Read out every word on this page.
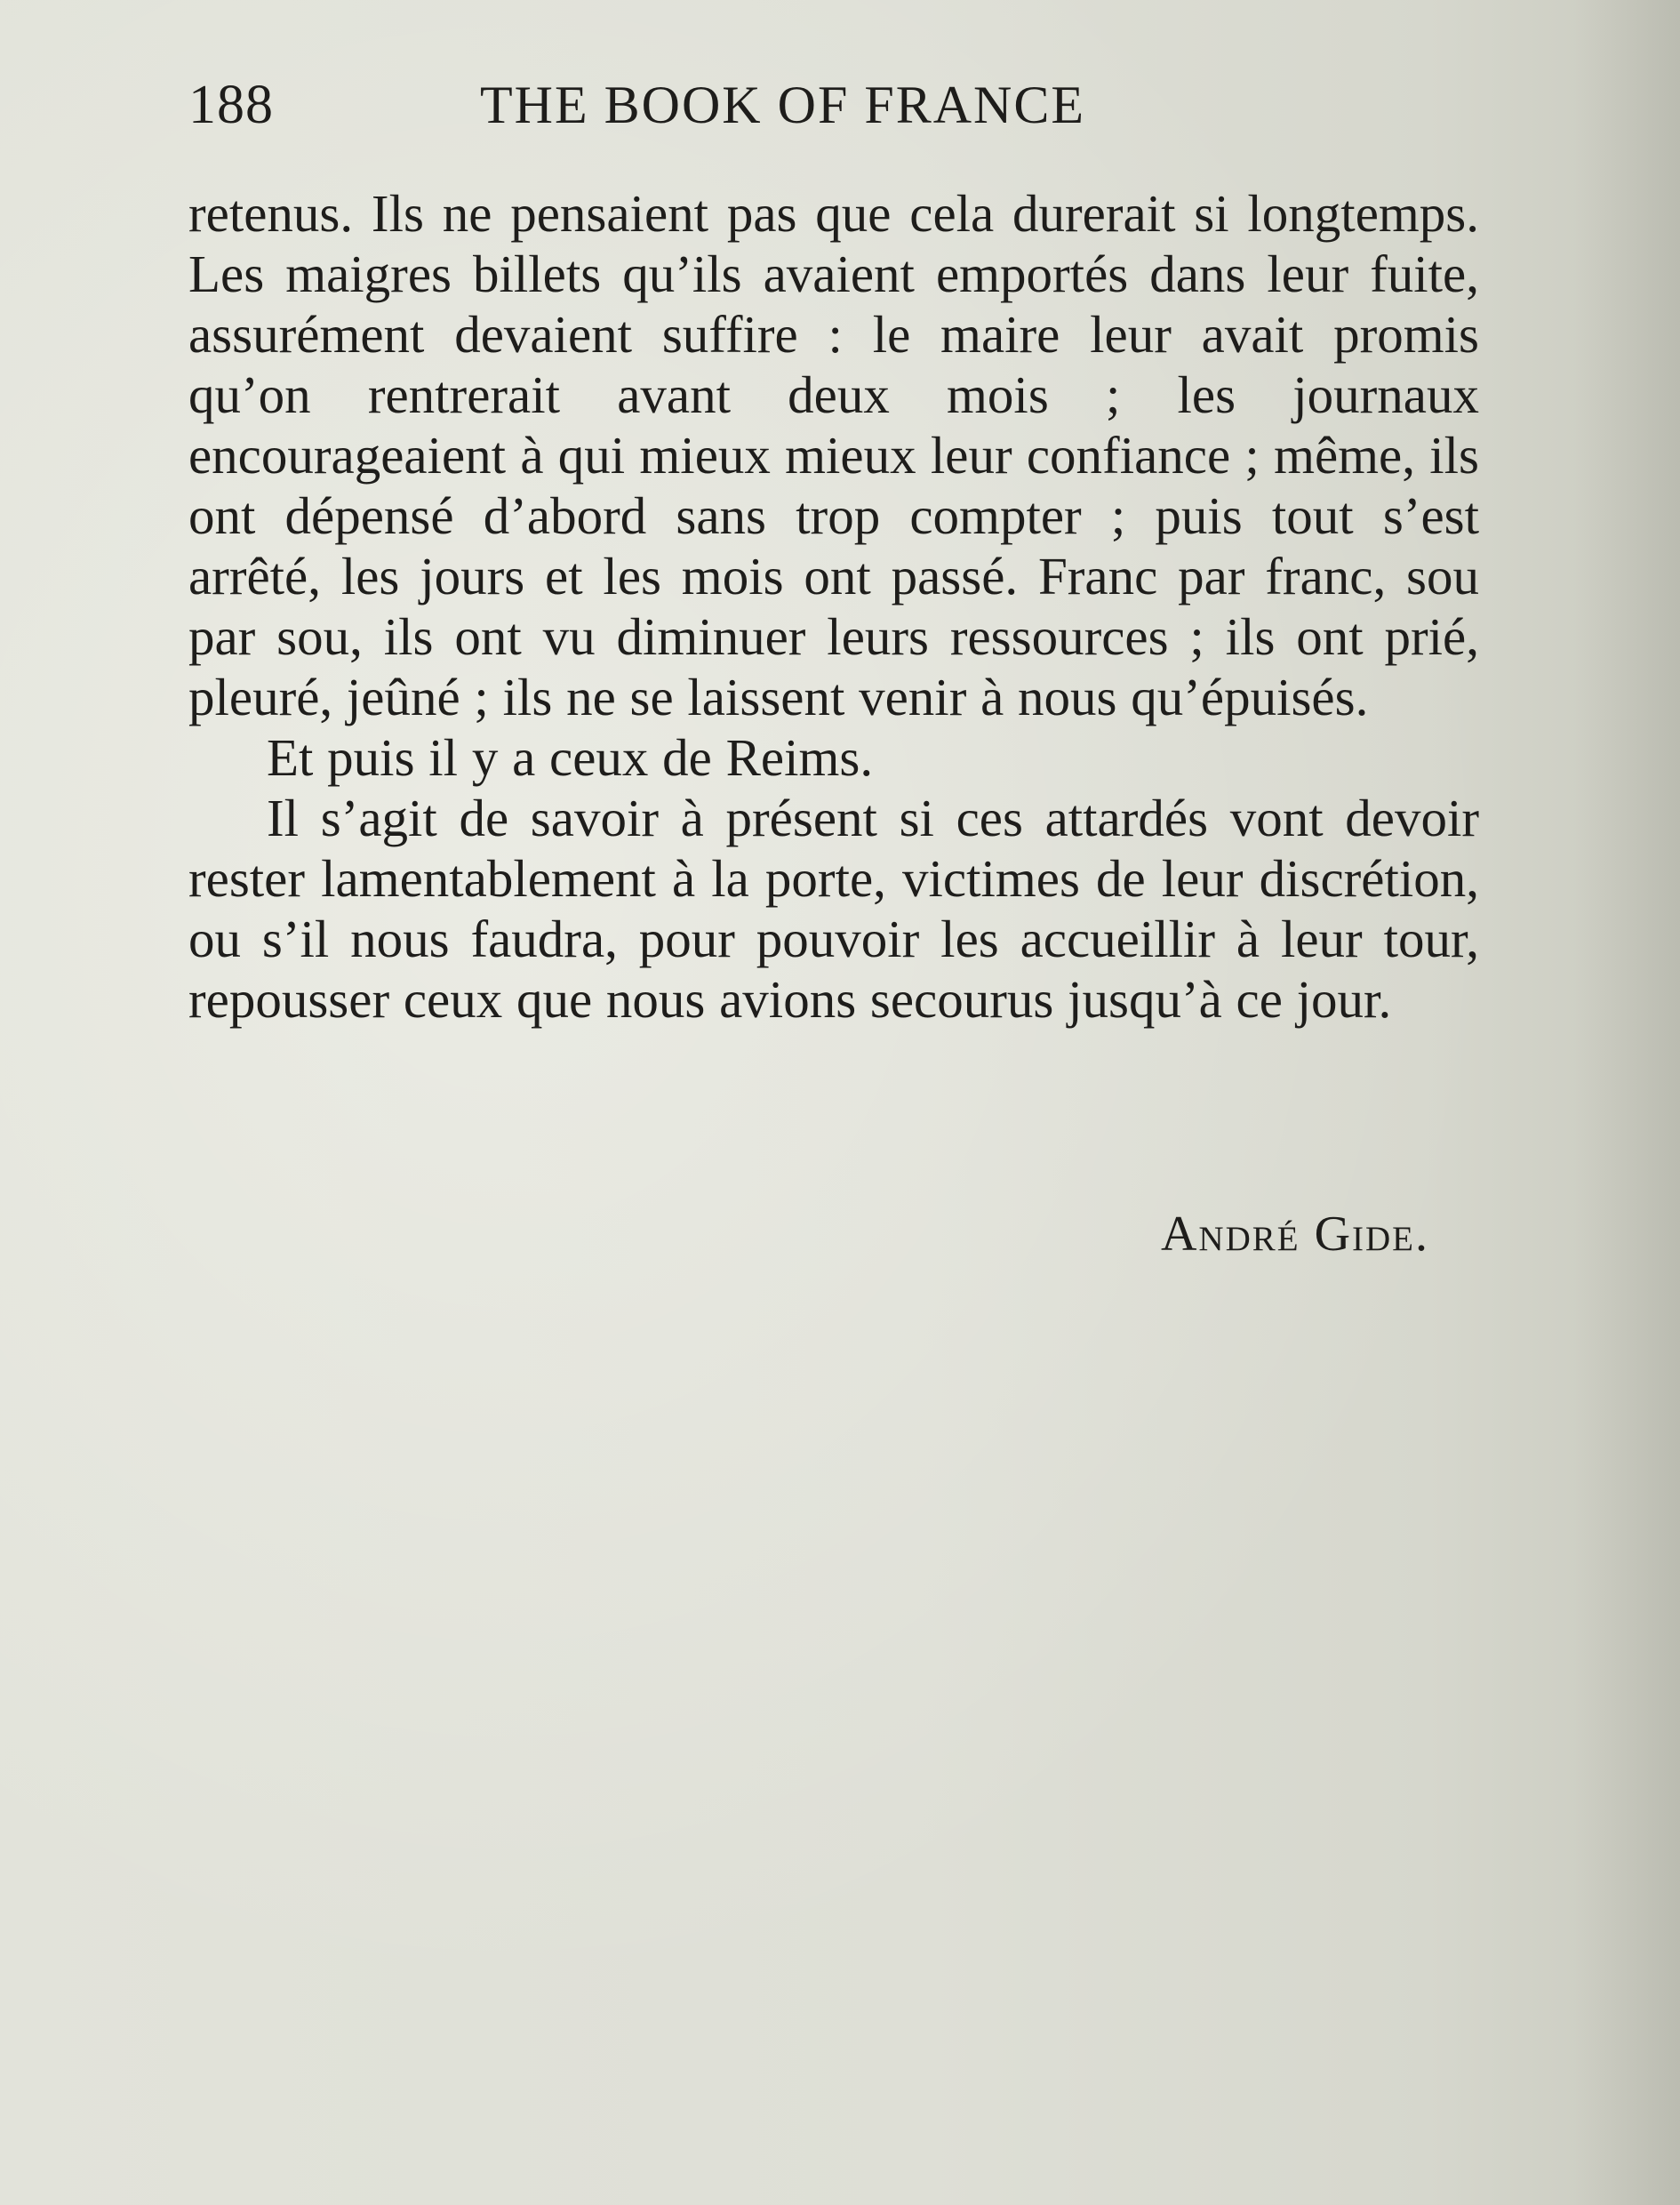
188	THE BOOK OF FRANCE

retenus. Ils ne pensaient pas que cela durerait si longtemps. Les maigres billets qu’ils avaient emportés dans leur fuite, assurément devaient suffire : le maire leur avait promis qu’on rentrerait avant deux mois ; les journaux encourageaient à qui mieux mieux leur confiance ; même, ils ont dépensé d’abord sans trop compter ; puis tout s’est arrêté, les jours et les mois ont passé. Franc par franc, sou par sou, ils ont vu diminuer leurs ressources ; ils ont prié, pleuré, jeûné ; ils ne se laissent venir à nous qu’épuisés.

Et puis il y a ceux de Reims.

Il s’agit de savoir à présent si ces attardés vont devoir rester lamentablement à la porte, victimes de leur discrétion, ou s’il nous faudra, pour pouvoir les accueillir à leur tour, repousser ceux que nous avions secourus jusqu’à ce jour.

André Gide.
